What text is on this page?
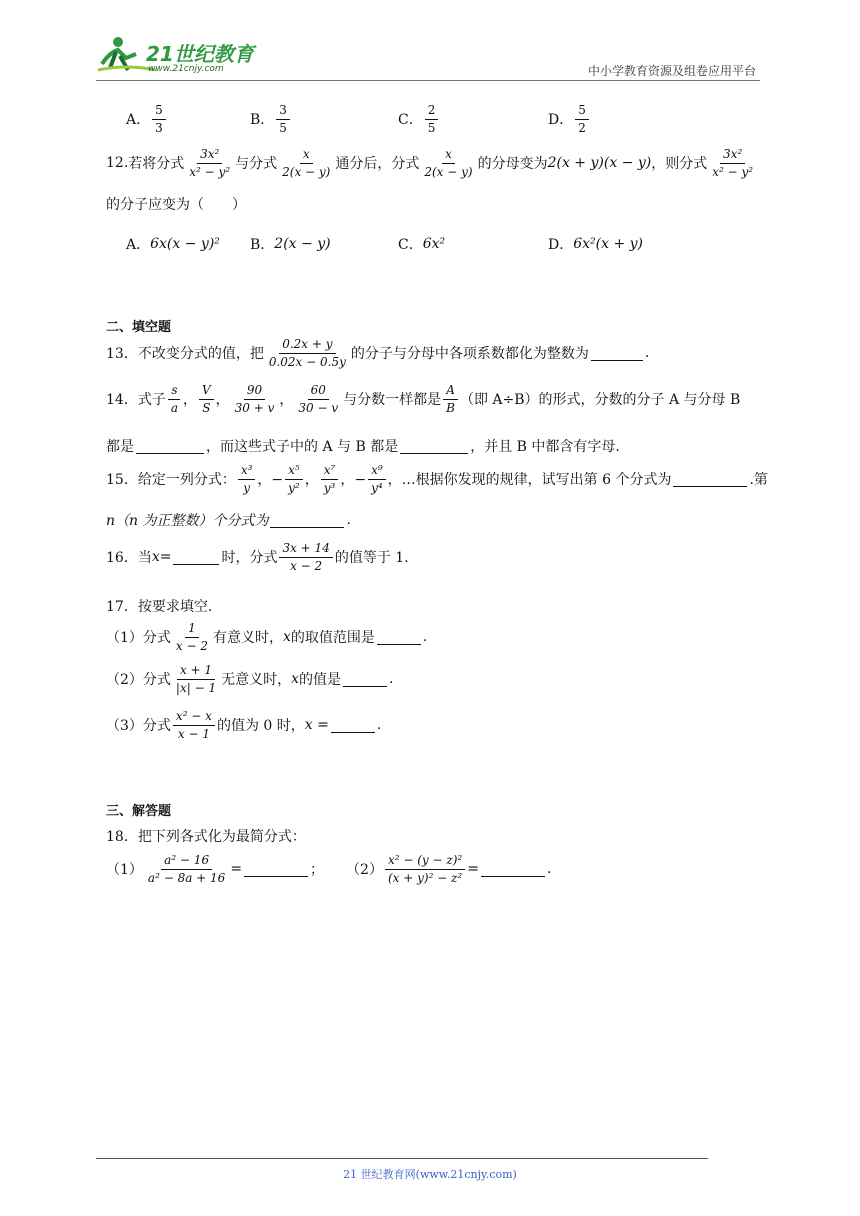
21世纪教育
www.21cnjy.com	中小学教育资源及组卷应用平台
A． $\frac{5}{3}$	B． $\frac{3}{5}$	C． $\frac{2}{5}$	D． $\frac{5}{2}$
12. 若将分式 $\frac{\text{3x²}}{\text{x² − y²}}$ 与分式 $\frac{x}{2(x - y)}$ 通分后，分式 $\frac{x}{2(x - y)}$ 的分母变为 2(x + y)(x − y) ，则分式 $\frac{\text{3x²}}{\text{x² − y²}}$
的分子应变为（　　）
A． 6x(x − y)² B． 2(x − y)	C． 6x²	D． 6x²(x + y)
二、填空题
13．不改变分式的值，把 $\frac{0.2x + y}{0.02x - 0.5y}$ 的分子与分母中各项系数都化为整数为	.
14．式子 $\frac{s}{a}$ ， $\frac{V}{S}$ ， $\frac{90}{30 + v}$ ， $\frac{60}{30 - v}$ 与分数一样都是 $\frac{A}{B}$ （即 A÷B）的形式，分数的分子 A 与分母 B
都是	，而这些式子中的 A 与 B 都是	，并且 B 中都含有字母.
15．给定一列分式： $\frac{\text{x³}}{y}$ ，− $\frac{\text{x⁵}}{\text{y²}}$ ， $\frac{\text{x⁷}}{\text{y³}}$ ，− $\frac{\text{x⁹}}{\text{y⁴}}$ ，…根据你发现的规律，试写出第 6 个分式为	.第
n（n 为正整数）个分式为	.
16．当 x=	时，分式 $\frac{3x + 14}{x - 2}$ 的值等于 1.
17．按要求填空.
（1）分式 $\frac{1}{x - 2}$ 有意义时， x 的取值范围是	.
（2）分式 $\frac{x + 1}{|x| - 1}$ 无意义时， x 的值是	.
（3）分式 $\frac{\text{x² − x}}{x - 1}$ 的值为 0 时， x =	.
三、解答题
18．把下列各式化为最简分式：
$(1) \frac{\text{a² − 16}}{\text{a² − 8a + 16}}$ =	； $(2) \frac{\text{x² − (y − z)²}}{\text{(x + y)² − z²}}$ =	.
21 世纪教育网(www.21cnjy.com)
